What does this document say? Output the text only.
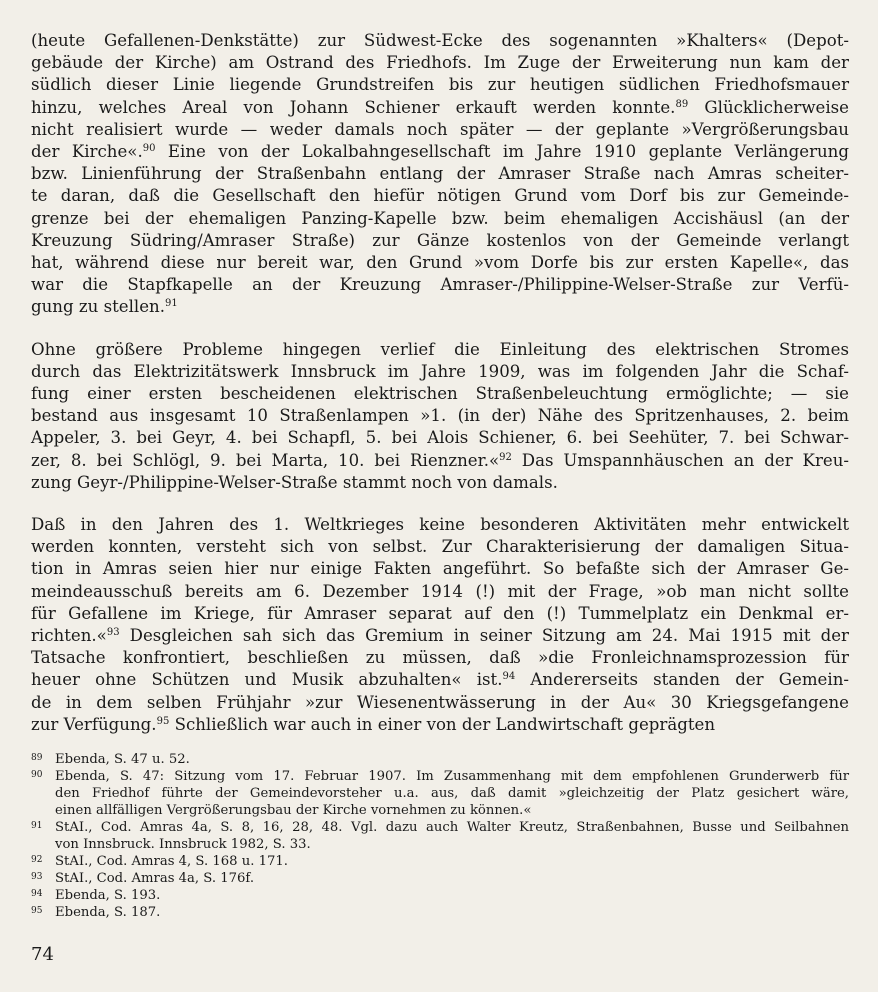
(heute Gefallenen-Denkstätte) zur Südwest-Ecke des sogenannten »Khalters« (Depot-
gebäude der Kirche) am Ostrand des Friedhofs. Im Zuge der Erweiterung nun kam der
südlich dieser Linie liegende Grundstreifen bis zur heutigen südlichen Friedhofsmauer
hinzu, welches Areal von Johann Schiener erkauft werden konnte.$^{89}$ Glücklicherweise
nicht realisiert wurde — weder damals noch später — der geplante »Vergrößerungsbau
der Kirche«.$^{90}$ Eine von der Lokalbahngesellschaft im Jahre 1910 geplante Verlängerung
bzw. Linienführung der Straßenbahn entlang der Amraser Straße nach Amras scheiter-
te daran, daß die Gesellschaft den hiefür nötigen Grund vom Dorf bis zur Gemeinde-
grenze bei der ehemaligen Panzing-Kapelle bzw. beim ehemaligen Accishäusl (an der
Kreuzung Südring/Amraser Straße) zur Gänze kostenlos von der Gemeinde verlangt
hat, während diese nur bereit war, den Grund »vom Dorfe bis zur ersten Kapelle«, das
war die Stapfkapelle an der Kreuzung Amraser-/Philippine-Welser-Straße zur Verfü-
gung zu stellen.$^{91}$

Ohne größere Probleme hingegen verlief die Einleitung des elektrischen Stromes
durch das Elektrizitätswerk Innsbruck im Jahre 1909, was im folgenden Jahr die Schaf-
fung einer ersten bescheidenen elektrischen Straßenbeleuchtung ermöglichte; — sie
bestand aus insgesamt 10 Straßenlampen »1. (in der) Nähe des Spritzenhauses, 2. beim
Appeler, 3. bei Geyr, 4. bei Schapfl, 5. bei Alois Schiener, 6. bei Seehüter, 7. bei Schwar-
zer, 8. bei Schlögl, 9. bei Marta, 10. bei Rienzner.«$^{92}$ Das Umspannhäuschen an der Kreu-
zung Geyr-/Philippine-Welser-Straße stammt noch von damals.

Daß in den Jahren des 1. Weltkrieges keine besonderen Aktivitäten mehr entwickelt
werden konnten, versteht sich von selbst. Zur Charakterisierung der damaligen Situa-
tion in Amras seien hier nur einige Fakten angeführt. So befaßte sich der Amraser Ge-
meindeausschuß bereits am 6. Dezember 1914 (!) mit der Frage, »ob man nicht sollte
für Gefallene im Kriege, für Amraser separat auf den (!) Tummelplatz ein Denkmal er-
richten.«$^{93}$ Desgleichen sah sich das Gremium in seiner Sitzung am 24. Mai 1915 mit der
Tatsache konfrontiert, beschließen zu müssen, daß »die Fronleichnamsprozession für
heuer ohne Schützen und Musik abzuhalten« ist.$^{94}$ Andererseits standen der Gemein-
de in dem selben Frühjahr »zur Wiesenentwässerung in der Au« 30 Kriegsgefangene
zur Verfügung.$^{95}$ Schließlich war auch in einer von der Landwirtschaft geprägten

89 Ebenda, S. 47 u. 52.
90 Ebenda, S. 47: Sitzung vom 17. Februar 1907. Im Zusammenhang mit dem empfohlenen Grunderwerb für
den Friedhof führte der Gemeindevorsteher u.a. aus, daß damit »gleichzeitig der Platz gesichert wäre,
einen allfälligen Vergrößerungsbau der Kirche vornehmen zu können.«
91 StAI., Cod. Amras 4a, S. 8, 16, 28, 48. Vgl. dazu auch Walter Kreutz, Straßenbahnen, Busse und Seilbahnen
von Innsbruck. Innsbruck 1982, S. 33.
92 StAI., Cod. Amras 4, S. 168 u. 171.
93 StAI., Cod. Amras 4a, S. 176f.
94 Ebenda, S. 193.
95 Ebenda, S. 187.
74
